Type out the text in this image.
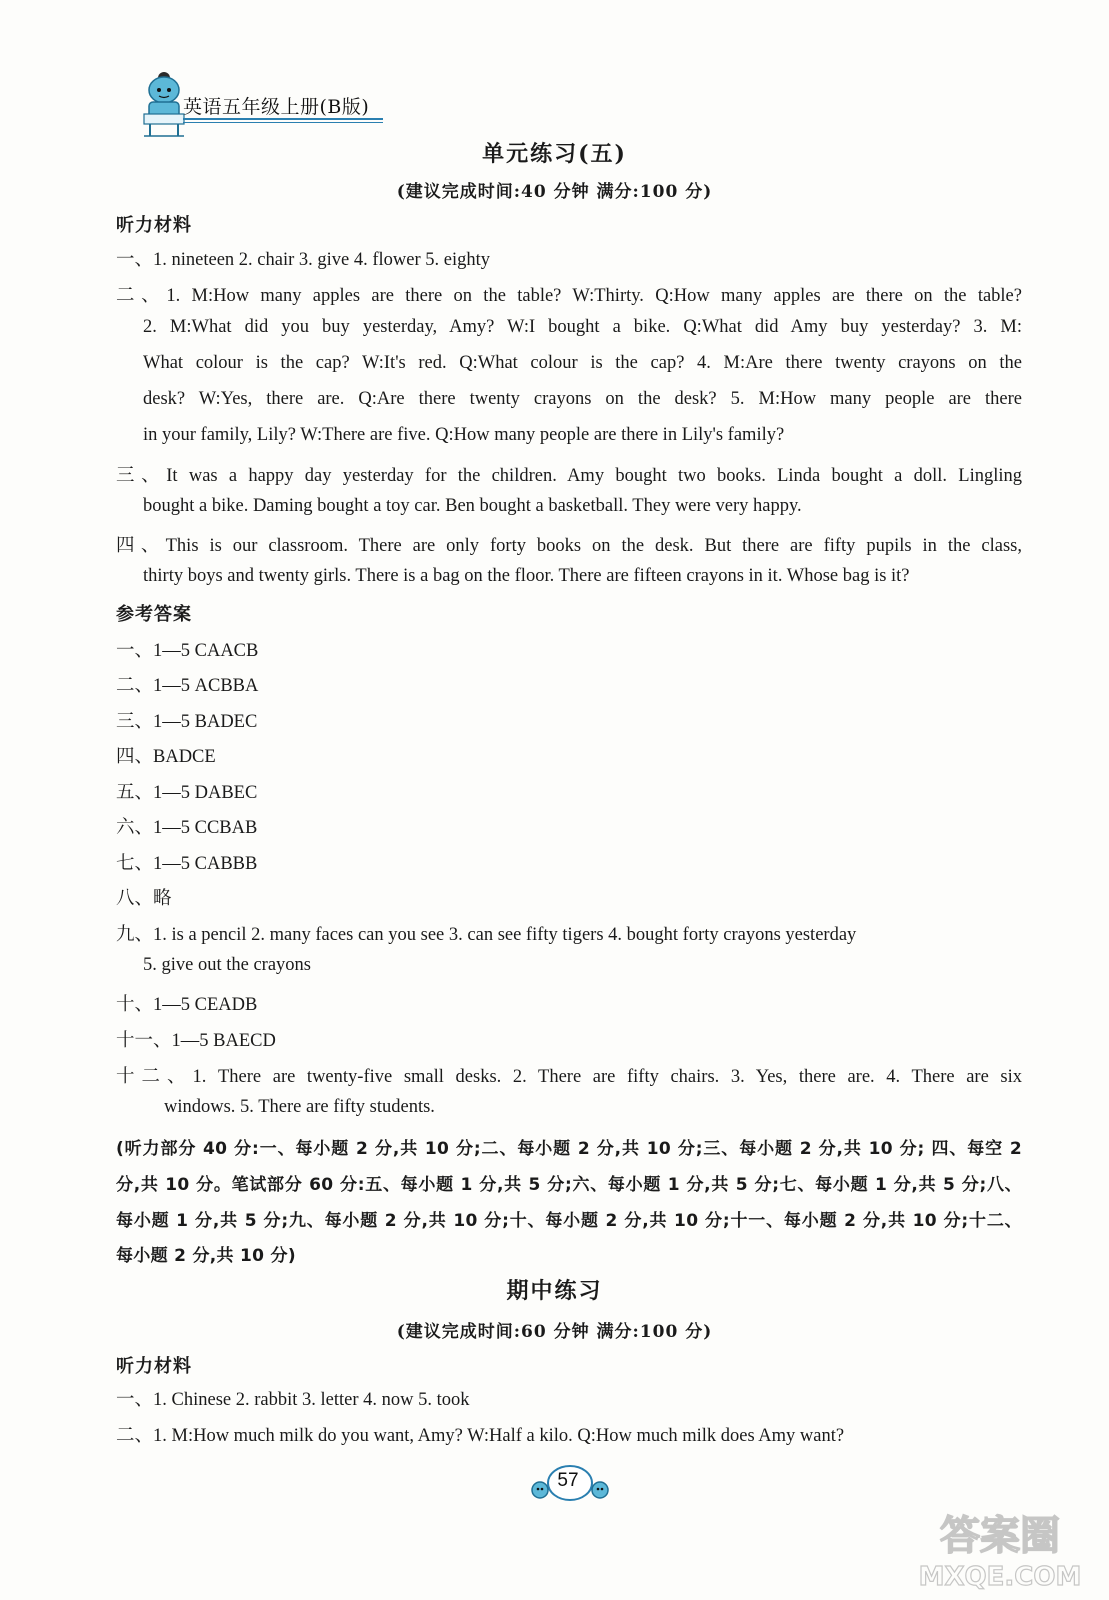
英语五年级上册(B版)
单元练习(五)
(建议完成时间:40 分钟 满分:100 分)
听力材料
一、1. nineteen 2. chair 3. give 4. flower 5. eighty
二、1. M:How many apples are there on the table? W:Thirty. Q:How many apples are there on the table?
2. M:What did you buy yesterday, Amy? W:I bought a bike. Q:What did Amy buy yesterday? 3. M:
What colour is the cap? W:It's red. Q:What colour is the cap? 4. M:Are there twenty crayons on the
desk? W:Yes, there are. Q:Are there twenty crayons on the desk? 5. M:How many people are there
in your family, Lily? W:There are five. Q:How many people are there in Lily's family?
三、It was a happy day yesterday for the children. Amy bought two books. Linda bought a doll. Lingling
bought a bike. Daming bought a toy car. Ben bought a basketball. They were very happy.
四、This is our classroom. There are only forty books on the desk. But there are fifty pupils in the class,
thirty boys and twenty girls. There is a bag on the floor. There are fifteen crayons in it. Whose bag is it?
参考答案
一、1—5 CAACB
二、1—5 ACBBA
三、1—5 BADEC
四、BADCE
五、1—5 DABEC
六、1—5 CCBAB
七、1—5 CABBB
八、略
九、1. is a pencil 2. many faces can you see 3. can see fifty tigers 4. bought forty crayons yesterday
5. give out the crayons
十、1—5 CEADB
十一、1—5 BAECD
十二、1. There are twenty-five small desks. 2. There are fifty chairs. 3. Yes, there are. 4. There are six
windows. 5. There are fifty students.
(听力部分 40 分:一、每小题 2 分,共 10 分;二、每小题 2 分,共 10 分;三、每小题 2 分,共 10 分; 四、每空 2
分,共 10 分。笔试部分 60 分:五、每小题 1 分,共 5 分;六、每小题 1 分,共 5 分;七、每小题 1 分,共 5 分;八、
每小题 1 分,共 5 分;九、每小题 2 分,共 10 分;十、每小题 2 分,共 10 分;十一、每小题 2 分,共 10 分;十二、
每小题 2 分,共 10 分)
期中练习
(建议完成时间:60 分钟 满分:100 分)
听力材料
一、1. Chinese 2. rabbit 3. letter 4. now 5. took
二、1. M:How much milk do you want, Amy? W:Half a kilo. Q:How much milk does Amy want?
57
答案圈
MXQE.COM
